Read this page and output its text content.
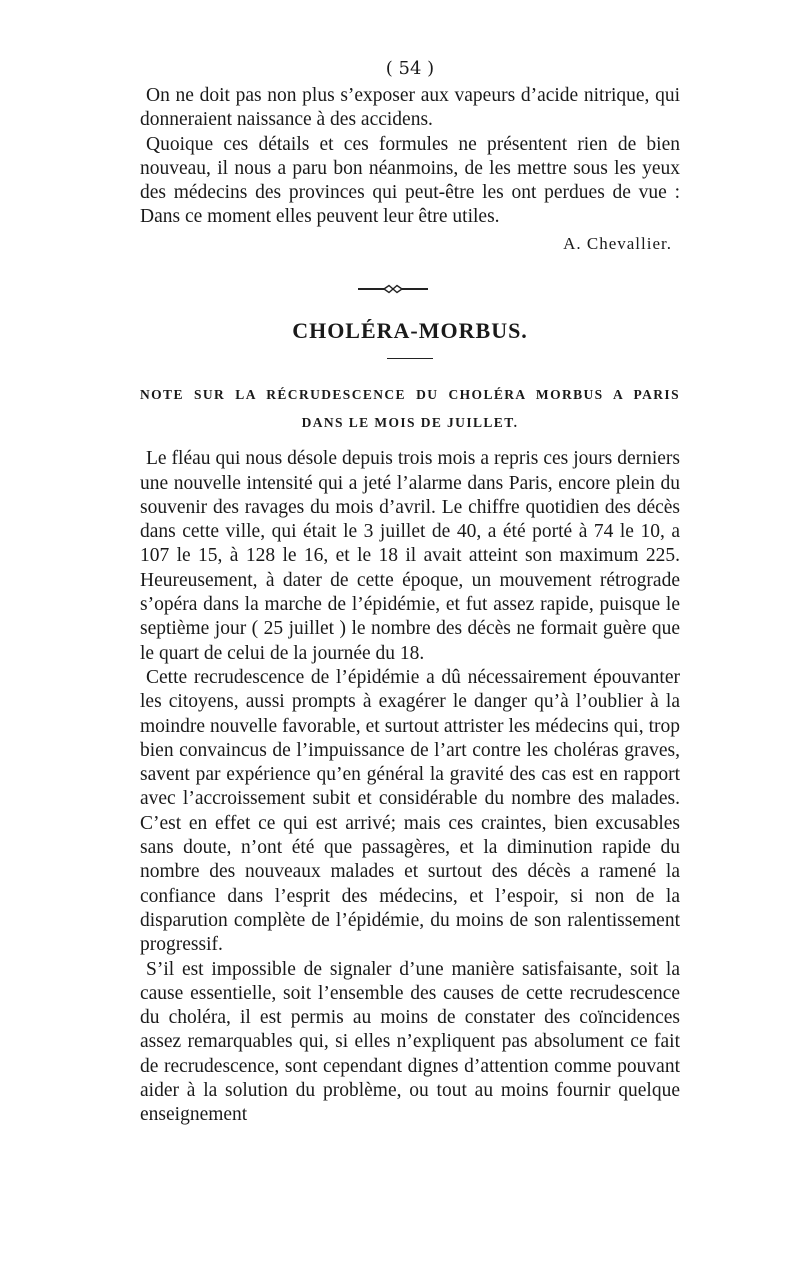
( 54 )

On ne doit pas non plus s’exposer aux vapeurs d’acide nitrique, qui donneraient naissance à des accidens.

Quoique ces détails et ces formules ne présentent rien de bien nouveau, il nous a paru bon néanmoins, de les mettre sous les yeux des médecins des provinces qui peut-être les ont perdues de vue : Dans ce moment elles peuvent leur être utiles.

A. Chevallier.
CHOLÉRA-MORBUS.
NOTE SUR LA RÉCRUDESCENCE DU CHOLÉRA MORBUS A PARIS DANS LE MOIS DE JUILLET.

Le fléau qui nous désole depuis trois mois a repris ces jours derniers une nouvelle intensité qui a jeté l’alarme dans Paris, encore plein du souvenir des ravages du mois d’avril. Le chiffre quotidien des décès dans cette ville, qui était le 3 juillet de 40, a été porté à 74 le 10, a 107 le 15, à 128 le 16, et le 18 il avait atteint son maximum 225. Heureusement, à dater de cette époque, un mouvement rétrograde s’opéra dans la marche de l’épidémie, et fut assez rapide, puisque le septième jour ( 25 juillet ) le nombre des décès ne formait guère que le quart de celui de la journée du 18.

Cette recrudescence de l’épidémie a dû nécessairement épouvanter les citoyens, aussi prompts à exagérer le danger qu’à l’oublier à la moindre nouvelle favorable, et surtout attrister les médecins qui, trop bien convaincus de l’impuissance de l’art contre les choléras graves, savent par expérience qu’en général la gravité des cas est en rapport avec l’accroissement subit et considérable du nombre des malades. C’est en effet ce qui est arrivé; mais ces craintes, bien excusables sans doute, n’ont été que passagères, et la diminution rapide du nombre des nouveaux malades et surtout des décès a ramené la confiance dans l’esprit des médecins, et l’espoir, si non de la disparution complète de l’épidémie, du moins de son ralentissement progressif.

S’il est impossible de signaler d’une manière satisfaisante, soit la cause essentielle, soit l’ensemble des causes de cette recrudescence du choléra, il est permis au moins de constater des coïncidences assez remarquables qui, si elles n’expliquent pas absolument ce fait de recrudescence, sont cependant dignes d’attention comme pouvant aider à la solution du problème, ou tout au moins fournir quelque enseignement
